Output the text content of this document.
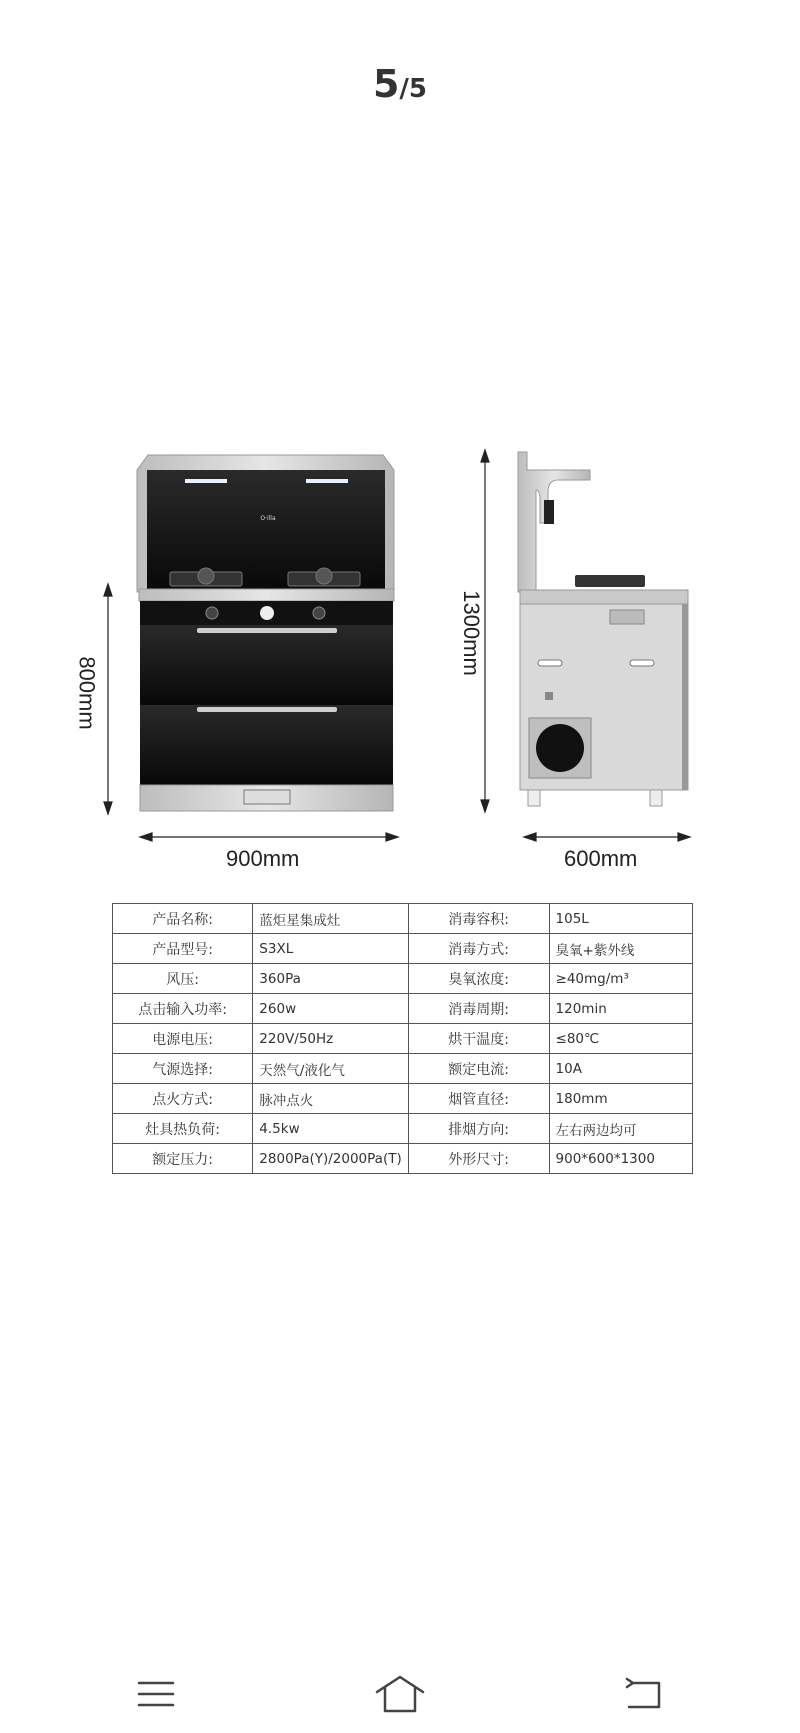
5/5
O·illa
800mm
1300mm
900mm	600mm
产品名称:	蓝炬星集成灶	消毒容积:	105L
产品型号:	S3XL	消毒方式:	臭氧+紫外线
风压:	360Pa	臭氧浓度:	≥40mg/m³
点击输入功率:	260w	消毒周期:	120min
电源电压:	220V/50Hz	烘干温度:	≤80℃
气源选择:	天然气/液化气	额定电流:	10A
点火方式:	脉冲点火	烟管直径:	180mm
灶具热负荷:	4.5kw	排烟方向:	左右两边均可
额定压力:	2800Pa(Y)/2000Pa(T)	外形尺寸:	900*600*1300
